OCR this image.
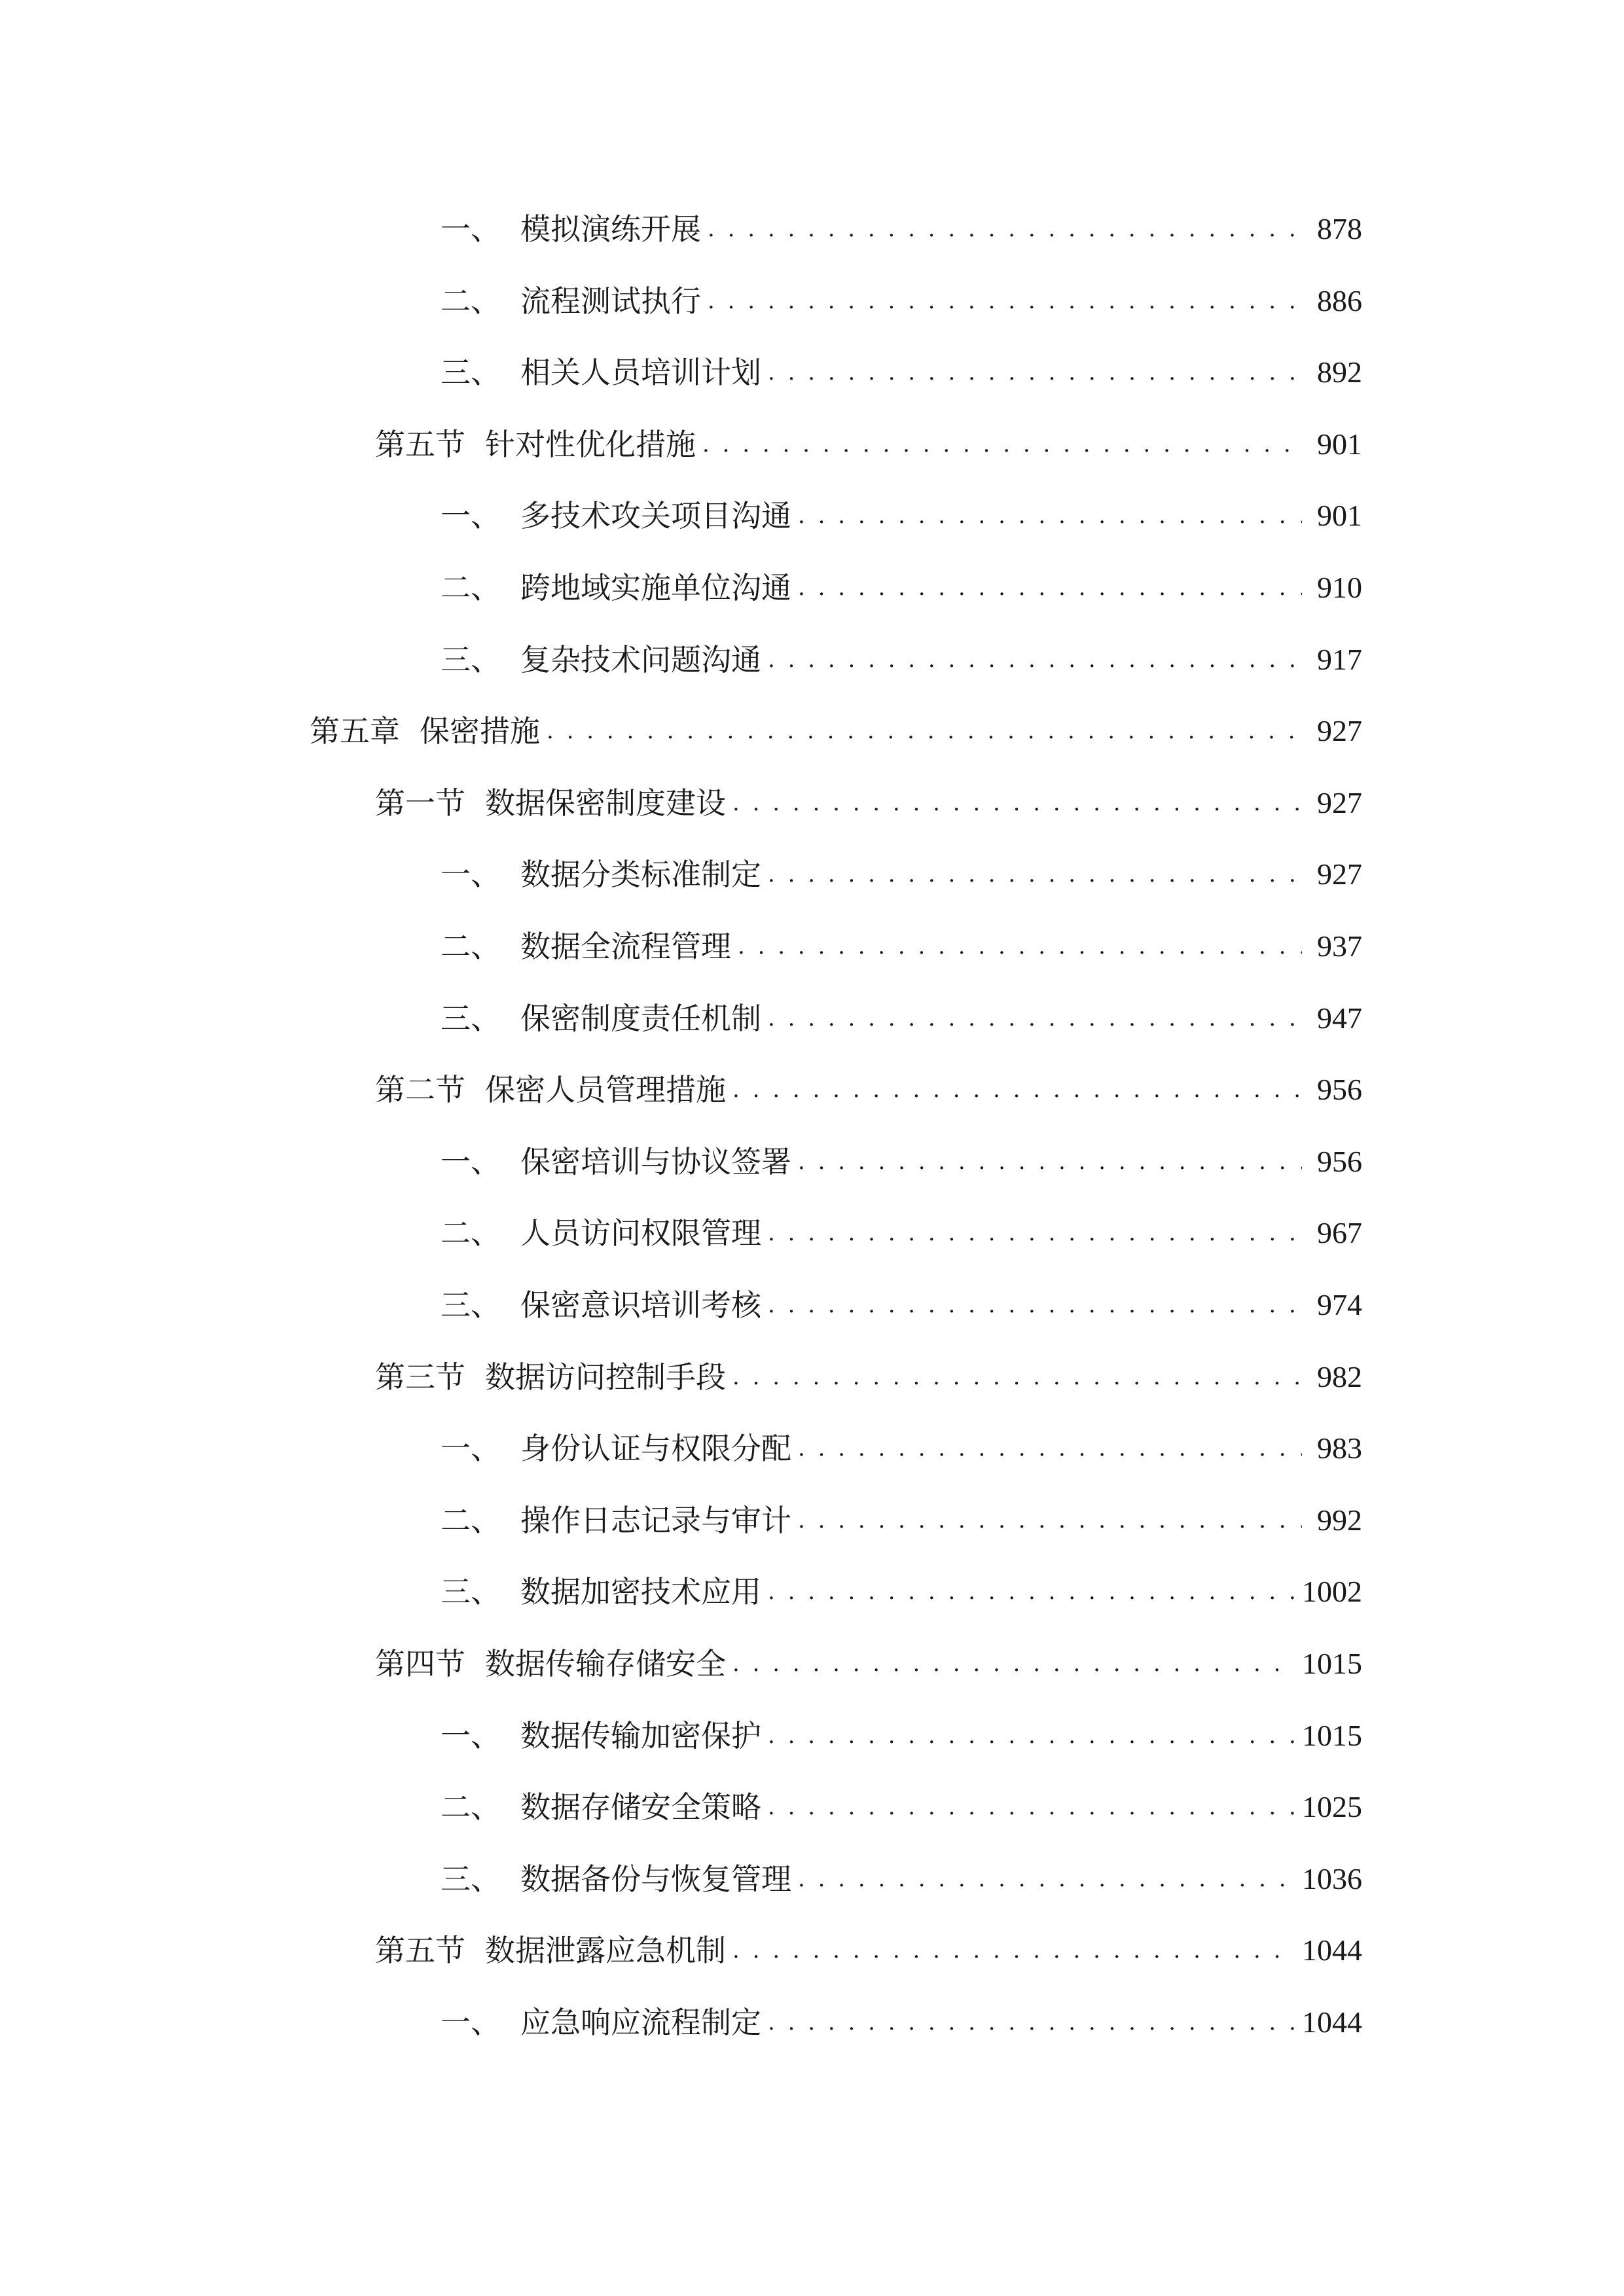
一、 模拟演练开展 . . .	878
二、 流程测试执行 . . .	886
三、 相关人员培训计划 . . .	892
第五节 针对性优化措施 . . .	901
一、 多技术攻关项目沟通 . . .	901
二、 跨地域实施单位沟通 . . .	910
三、 复杂技术问题沟通 . . .	917
第五章 保密措施 . . .	927
第一节 数据保密制度建设 . . .	927
一、 数据分类标准制定 . . .	927
二、 数据全流程管理 . . .	937
三、 保密制度责任机制 . . .	947
第二节 保密人员管理措施 . . .	956
一、 保密培训与协议签署 . . .	956
二、 人员访问权限管理 . . .	967
三、 保密意识培训考核 . . .	974
第三节 数据访问控制手段 . . .	982
一、 身份认证与权限分配 . . .	983
二、 操作日志记录与审计 . . .	992
三、 数据加密技术应用 . . .	1002
第四节 数据传输存储安全 . . .	1015
一、 数据传输加密保护 . . .	1015
二、 数据存储安全策略 . . .	1025
三、 数据备份与恢复管理 . . .	1036
第五节 数据泄露应急机制 . . .	1044
一、 应急响应流程制定 . . .	1044
